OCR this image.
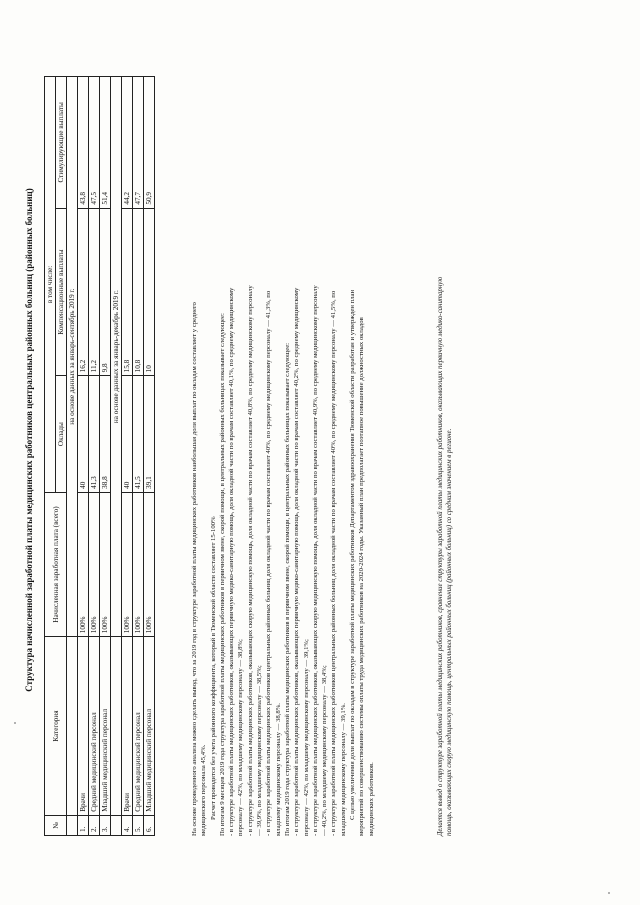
Структура начисленной заработной платы медицинских работников центральных районных больниц (районных больниц)
№	Категория	Начисленная заработная плата (всего)	в том числе:		
			Оклады	Компенсационные выплаты	Стимулирующие выплаты
		на основе данных за январь-сентябрь 2019 г.			
1.	Врачи	100%	40	16,2	43,8
2.	Средний медицинский персонал	100%	41,3	11,2	47,5
3.	Младший медицинский персонал	100%	38,8	9,8	51,4
		на основе данных за январь-декабрь 2019 г.			
4.	Врачи	100%	40	15,8	44,2
5.	Средний медицинский персонал	100%	41,5	10,8	47,7
6.	Младший медицинский персонал	100%	39,1	10	50,9

На основе проведенного анализа можно сделать вывод, что за 2019 год в структуре заработной платы медицинских работников наибольшая доля выплат по окладам составляет у среднего медицинского персонала 45,4%. Расчет проводится без учета районного коэффициента, который в Тюменской области составляет 15-100% По итогам 9 месяцев 2019 года структура заработной платы медицинских работников в первичном звене, скорой помощи, в центральных районных больницах показывает следующее: - в структуре заработной платы медицинских работников, оказывающих первичную медико-санитарную помощь, доля окладной части по врачам составляет 40,1%, по среднему медицинскому персоналу — 42%, по младшему медицинскому персоналу — 38,8%; - в структуре заработной платы медицинских работников, оказывающих скорую медицинскую помощь, доля окладной части по врачам составляет 40,8%, по среднему медицинскому персоналу — 39,9%, по младшему медицинскому персоналу — 38,5%; - в структуре заработной платы медицинских работников центральных районных больниц доля окладной части по врачам составляет 40%, по среднему медицинскому персоналу — 41,3%, по младшему медицинскому персоналу — 38,8%. По итогам 2019 года структура заработной платы медицинских работников в первичном звене, скорой помощи, в центральных районных больницах показывает следующее: - в структуре заработной платы медицинских работников, оказывающих первичную медико-санитарную помощь, доля окладной части по врачам составляет 40,2%, по среднему медицинскому персоналу — 42%, по младшему медицинскому персоналу — 39,1%; - в структуре заработной платы медицинских работников, оказывающих скорую медицинскую помощь, доля окладной части по врачам составляет 40,9%, по среднему медицинскому персоналу — 40,2%, по младшему медицинскому персоналу — 38,4%; - в структуре заработной платы медицинских работников центральных районных больниц доля окладной части по врачам составляет 40%, по среднему медицинскому персоналу — 41,5%, по младшему медицинскому персоналу — 39,1%. С целью увеличения доли выплат по окладам в структуре заработной платы медицинских работников Департаментом здравоохранения Тюменской области разработан и утвержден план мероприятий по совершенствованию системы оплаты труда медицинских работников на 2020-2024 годы. Указанный план предполагает поэтапное повышение должностных окладов медицинских работников.	Делается вывод о структуре заработной платы медицинских работников, сравнение структуры заработной платы медицинских работников, оказывающих первичную медико-санитарную помощь, оказывающих скорую медицинскую помощь, центральных районных больниц (районных больниц) со средним значением в регионе.
